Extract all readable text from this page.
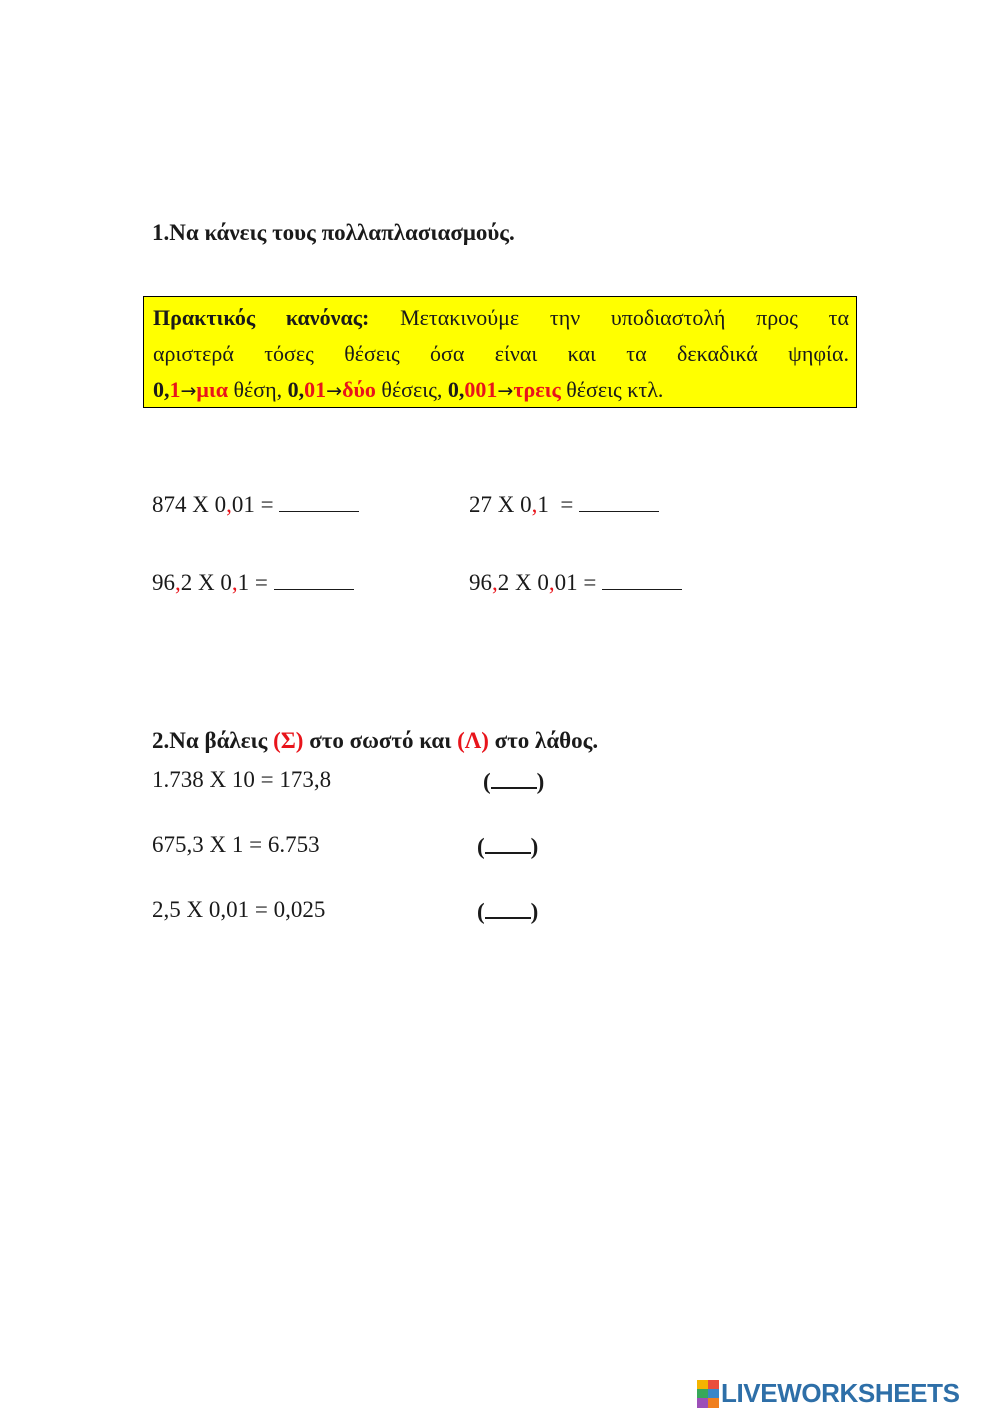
1.Να κάνεις τους πολλαπλασιασμούς.
Πρακτικός κανόνας: Μετακινούμε την υποδιαστολή προς τα
αριστερά τόσες θέσεις όσα είναι και τα δεκαδικά ψηφία.
0,1→μια θέση, 0,01→δύο θέσεις, 0,001→τρεις θέσεις κτλ.
874 X 0,01 =	27 X 0,1  =
96,2 X 0,1 =	96,2 X 0,01 =
2.Να βάλεις (Σ) στο σωστό και (Λ) στο λάθος.
1.738 X 10 = 173,8	( )
675,3 X 1 = 6.753	( )
2,5 X 0,01 = 0,025	( )
LIVEWORKSHEETS
